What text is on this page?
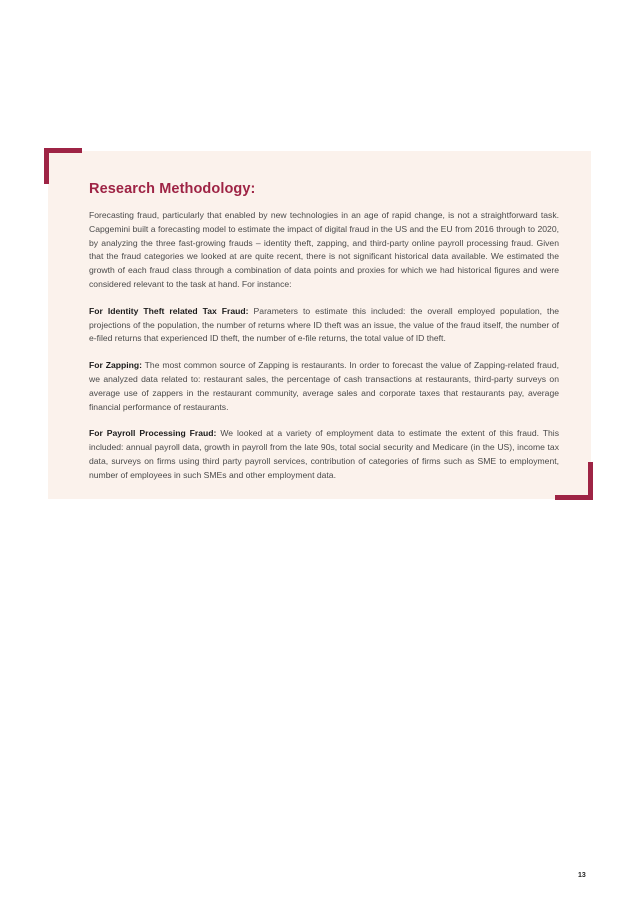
Research Methodology:

Forecasting fraud, particularly that enabled by new technologies in an age of rapid change, is not a straightforward task. Capgemini built a forecasting model to estimate the impact of digital fraud in the US and the EU from 2016 through to 2020, by analyzing the three fast-growing frauds – identity theft, zapping, and third-party online payroll processing fraud. Given that the fraud categories we looked at are quite recent, there is not significant historical data available. We estimated the growth of each fraud class through a combination of data points and proxies for which we had historical figures and were considered relevant to the task at hand. For instance:

For Identity Theft related Tax Fraud: Parameters to estimate this included: the overall employed population, the projections of the population, the number of returns where ID theft was an issue, the value of the fraud itself, the number of e-filed returns that experienced ID theft, the number of e-file returns, the total value of ID theft.

For Zapping: The most common source of Zapping is restaurants. In order to forecast the value of Zapping-related fraud, we analyzed data related to: restaurant sales, the percentage of cash transactions at restaurants, third-party surveys on average use of zappers in the restaurant community, average sales and corporate taxes that restaurants pay, average financial performance of restaurants.

For Payroll Processing Fraud: We looked at a variety of employment data to estimate the extent of this fraud. This included: annual payroll data, growth in payroll from the late 90s, total social security and Medicare (in the US), income tax data, surveys on firms using third party payroll services, contribution of categories of firms such as SME to employment, number of employees in such SMEs and other employment data.

13
